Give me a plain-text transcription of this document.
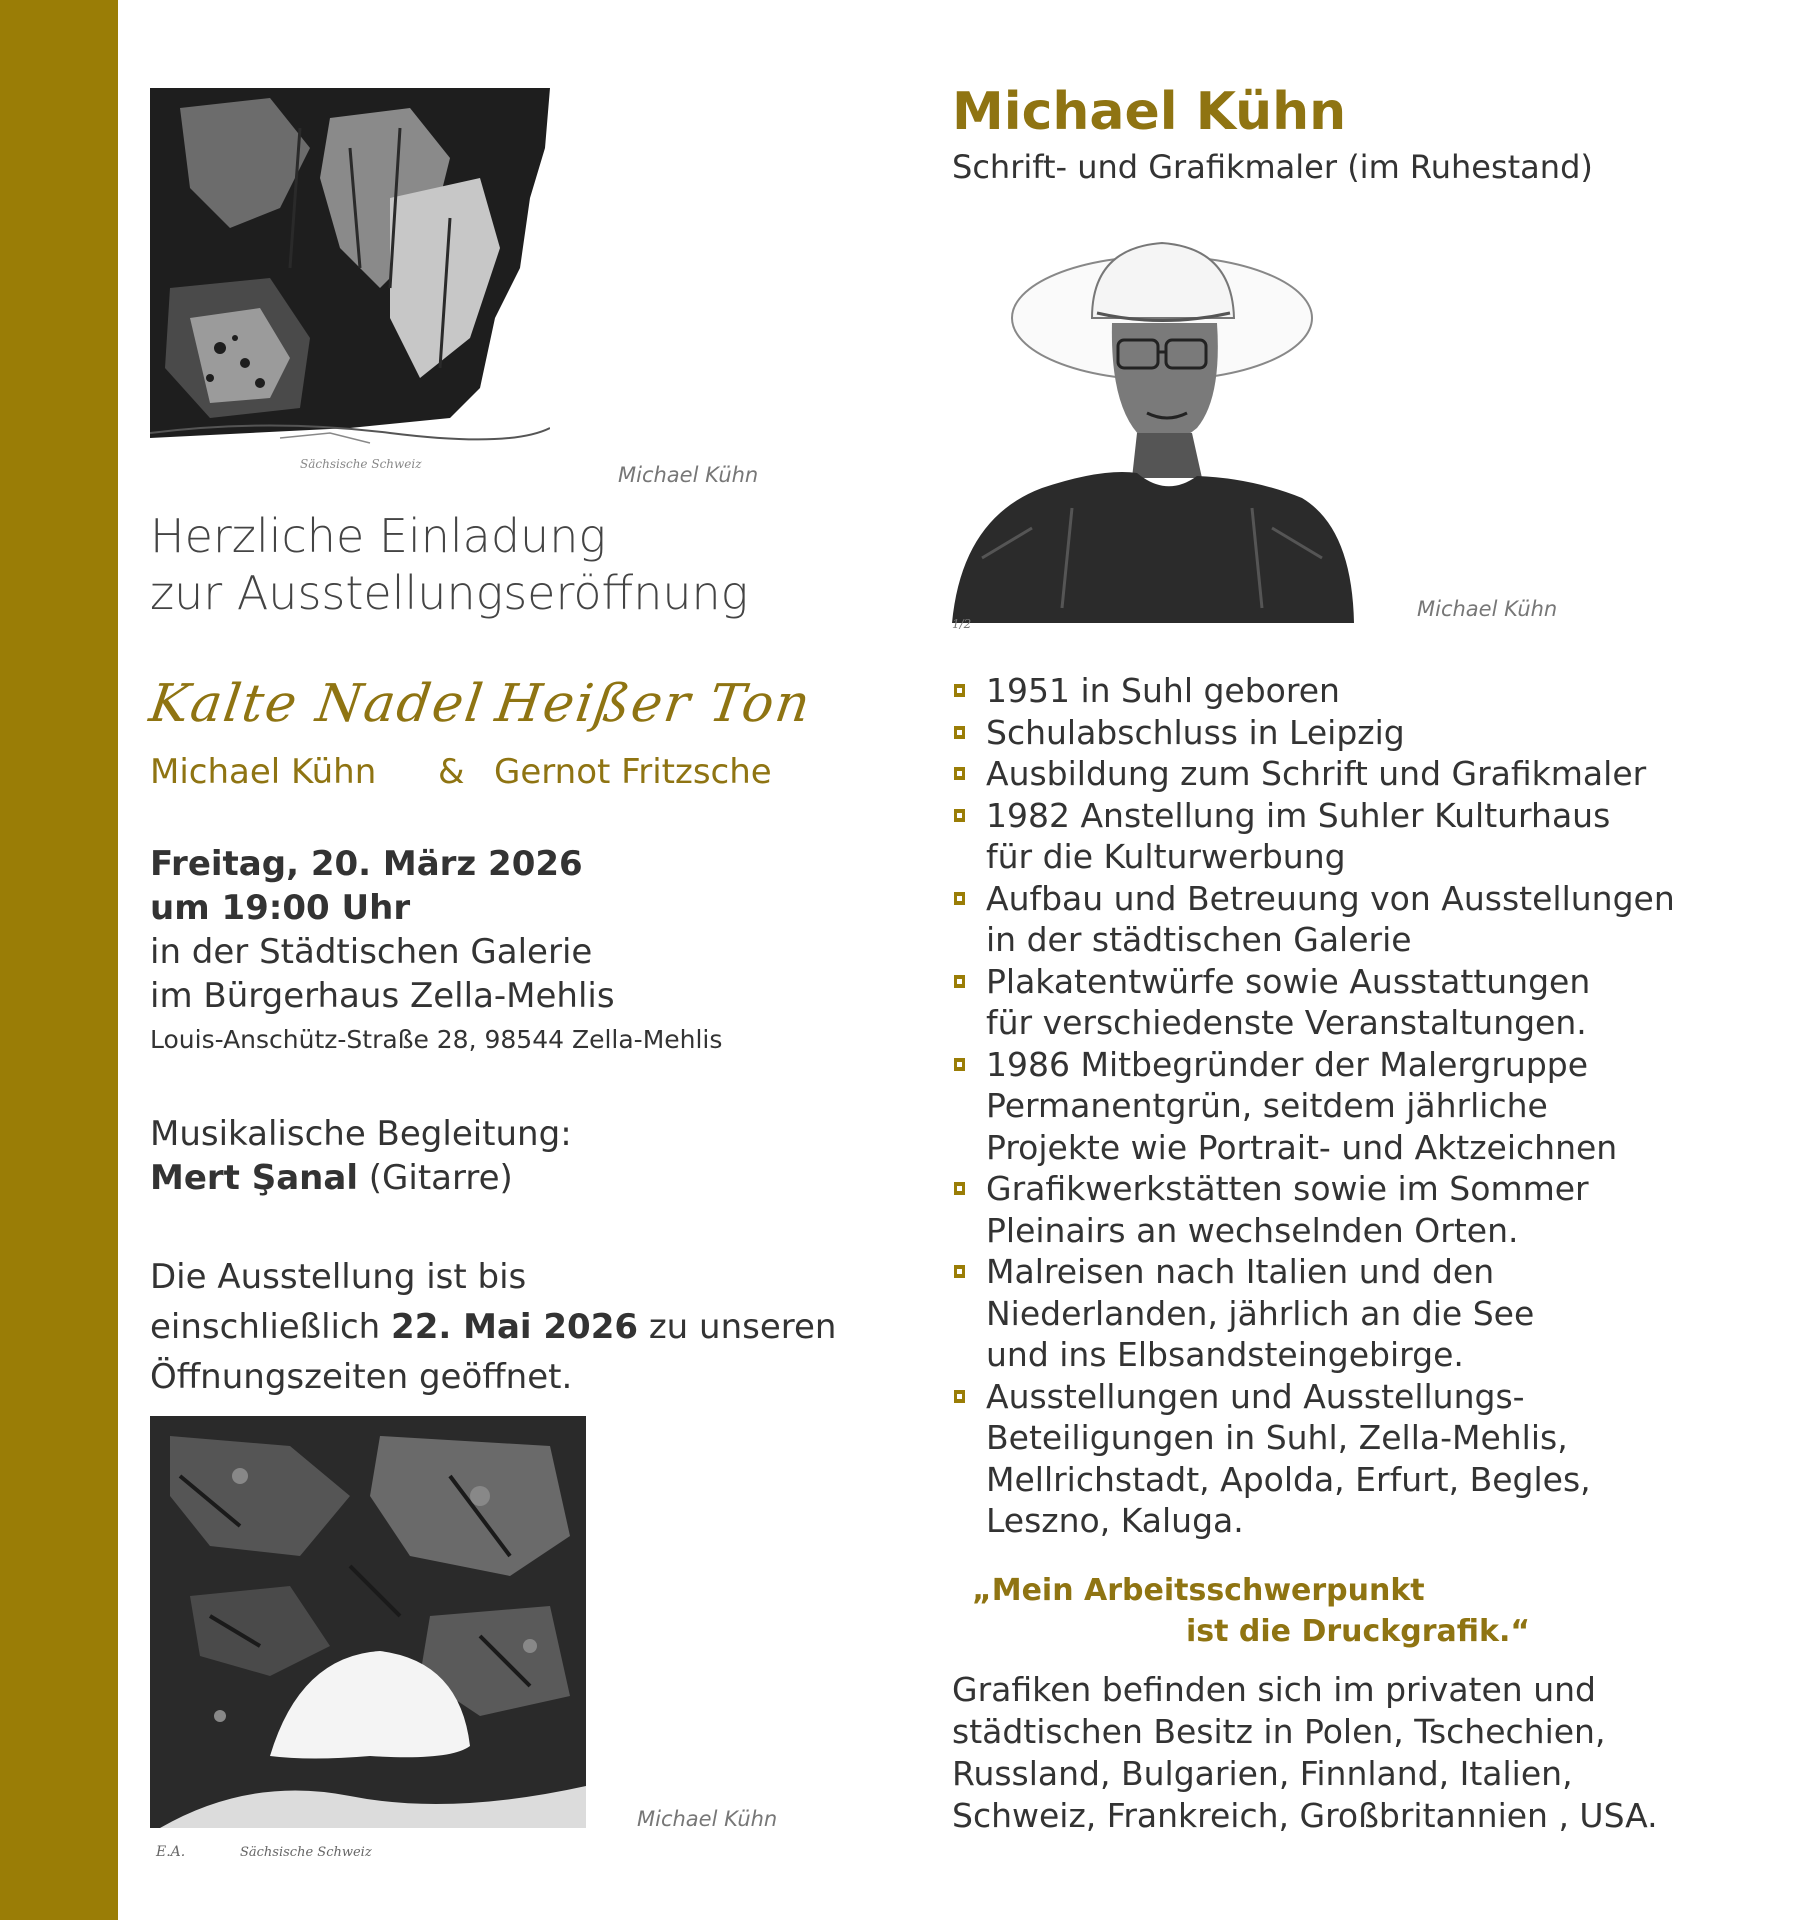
Sächsische Schweiz	Michael Kühn
Herzliche Einladung
zur Ausstellungseröffnung
Kalte Nadel Heißer Ton
Michael Kühn & Gernot Fritzsche
Freitag, 20. März 2026
um 19:00 Uhr
in der Städtischen Galerie
im Bürgerhaus Zella-Mehlis
Louis-Anschütz-Straße 28, 98544 Zella-Mehlis
Musikalische Begleitung:
Mert Şanal (Gitarre)
Die Ausstellung ist bis
einschließlich 22. Mai 2026 zu unseren
Öffnungszeiten geöffnet.
E.A.	Sächsische Schweiz
Michael Kühn
Michael Kühn
Schrift- und Grafikmaler (im Ruhestand)
1/2
Michael Kühn
1951 in Suhl geboren
Schulabschluss in Leipzig
Ausbildung zum Schrift und Grafikmaler
1982 Anstellung im Suhler Kulturhaus
für die Kulturwerbung
Aufbau und Betreuung von Ausstellungen
in der städtischen Galerie
Plakatentwürfe sowie Ausstattungen
für verschiedenste Veranstaltungen.
1986 Mitbegründer der Malergruppe
Permanentgrün, seitdem jährliche
Projekte wie Portrait- und Aktzeichnen
Grafikwerkstätten sowie im Sommer
Pleinairs an wechselnden Orten.
Malreisen nach Italien und den
Niederlanden, jährlich an die See
und ins Elbsandsteingebirge.
Ausstellungen und Ausstellungs-
Beteiligungen in Suhl, Zella-Mehlis,
Mellrichstadt, Apolda, Erfurt, Begles,
Leszno, Kaluga.
„Mein Arbeitsschwerpunkt
ist die Druckgrafik.“
Grafiken befinden sich im privaten und
städtischen Besitz in Polen, Tschechien,
Russland, Bulgarien, Finnland, Italien,
Schweiz, Frankreich, Großbritannien , USA.
